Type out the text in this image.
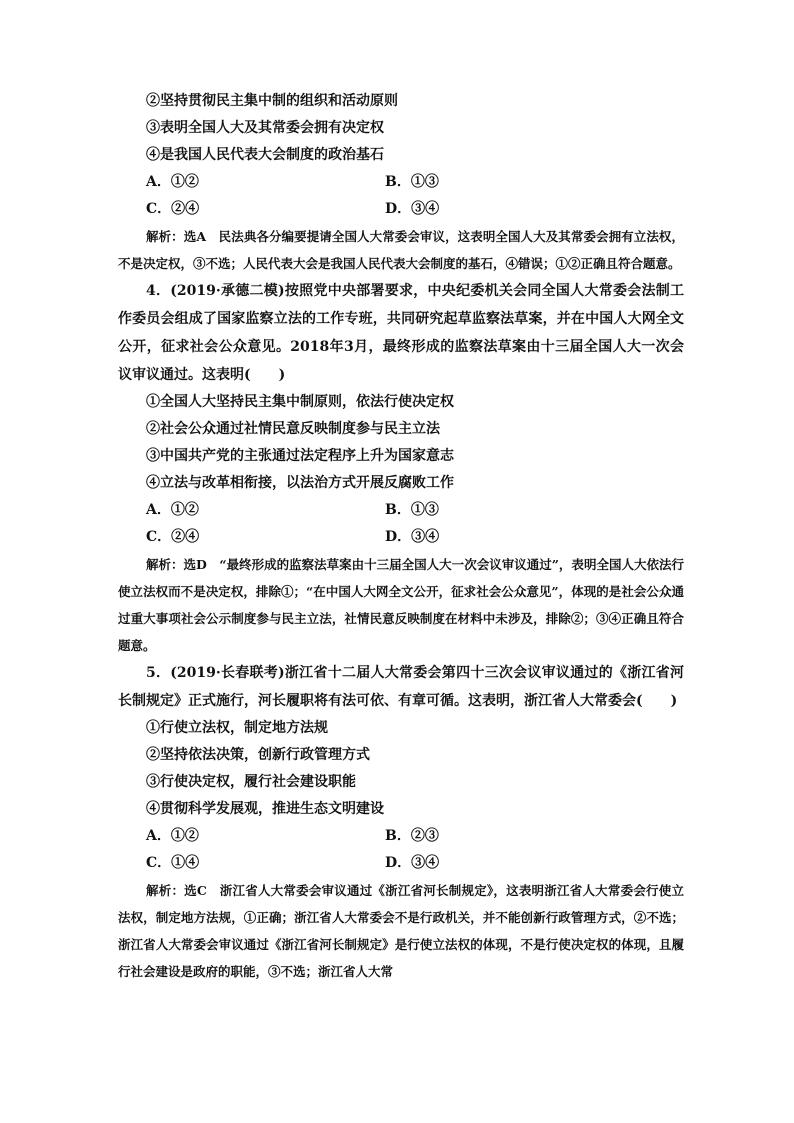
②坚持贯彻民主集中制的组织和活动原则
③表明全国人大及其常委会拥有决定权
④是我国人民代表大会制度的政治基石
A．①②	B．①③
C．②④	D．③④

解析：选A　民法典各分编要提请全国人大常委会审议，这表明全国人大及其常委会拥有立法权，不是决定权，③不选；人民代表大会是我国人民代表大会制度的基石，④错误；①②正确且符合题意。

4．(2019·承德二模)按照党中央部署要求，中央纪委机关会同全国人大常委会法制工作委员会组成了国家监察立法的工作专班，共同研究起草监察法草案，并在中国人大网全文公开，征求社会公众意见。2018年3月，最终形成的监察法草案由十三届全国人大一次会议审议通过。这表明(　　)
①全国人大坚持民主集中制原则，依法行使决定权
②社会公众通过社情民意反映制度参与民主立法
③中国共产党的主张通过法定程序上升为国家意志
④立法与改革相衔接，以法治方式开展反腐败工作
A．①②	B．①③
C．②④	D．③④

解析：选D　“最终形成的监察法草案由十三届全国人大一次会议审议通过”，表明全国人大依法行使立法权而不是决定权，排除①；“在中国人大网全文公开，征求社会公众意见”，体现的是社会公众通过重大事项社会公示制度参与民主立法，社情民意反映制度在材料中未涉及，排除②；③④正确且符合题意。

5．(2019·长春联考)浙江省十二届人大常委会第四十三次会议审议通过的《浙江省河长制规定》正式施行，河长履职将有法可依、有章可循。这表明，浙江省人大常委会(　　)
①行使立法权，制定地方法规
②坚持依法决策，创新行政管理方式
③行使决定权，履行社会建设职能
④贯彻科学发展观，推进生态文明建设
A．①②	B．②③
C．①④	D．③④

解析：选C　浙江省人大常委会审议通过《浙江省河长制规定》，这表明浙江省人大常委会行使立法权，制定地方法规，①正确；浙江省人大常委会不是行政机关，并不能创新行政管理方式，②不选；浙江省人大常委会审议通过《浙江省河长制规定》是行使立法权的体现，不是行使决定权的体现，且履行社会建设是政府的职能，③不选；浙江省人大常
